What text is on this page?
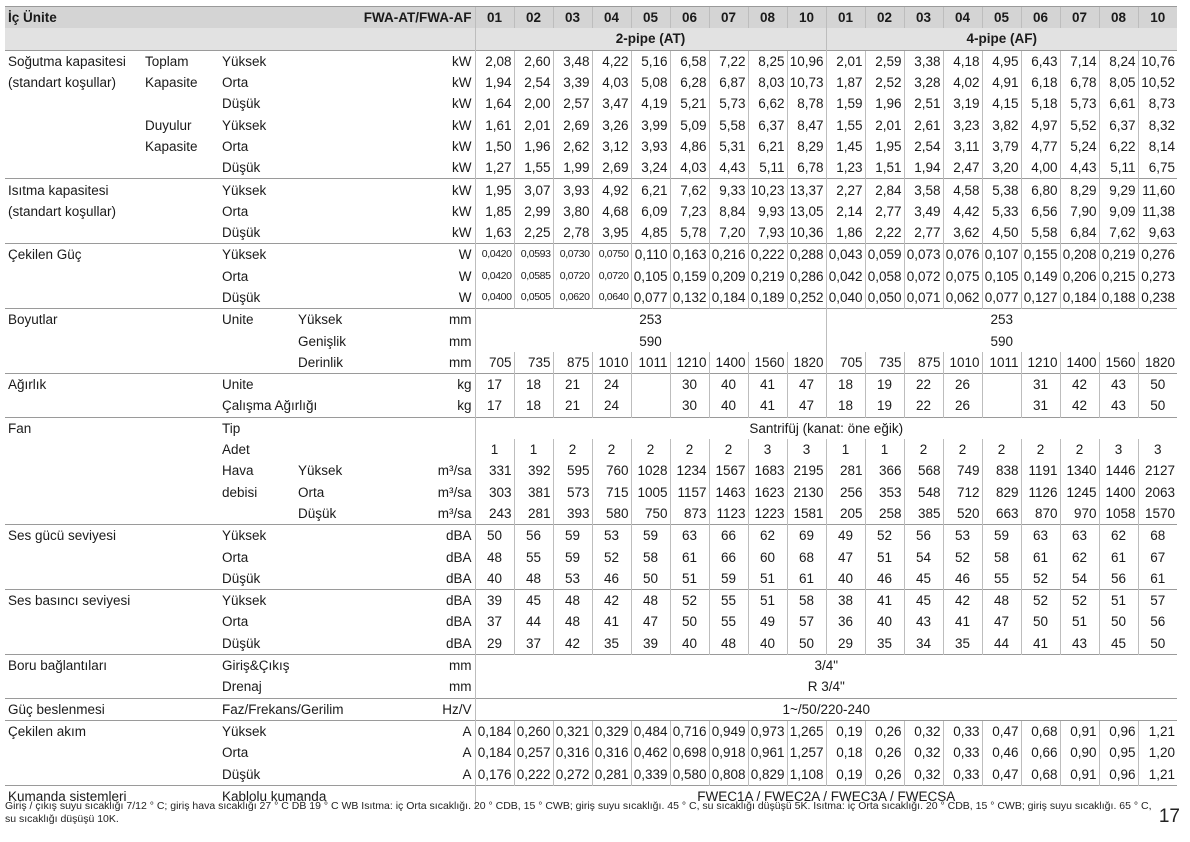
İç Ünite			FWA-AT/FWA-AF		01	02	03	04	05	06	07	08	10	01	02	03	04	05	06	07	08	10
					2-pipe (AT)									4-pipe (AF)								
Soğutma kapasitesi	Toplam	Yüksek		kW	2,08	2,60	3,48	4,22	5,16	6,58	7,22	8,25	10,96	2,01	2,59	3,38	4,18	4,95	6,43	7,14	8,24	10,76
(standart koşullar)	Kapasite	Orta		kW	1,94	2,54	3,39	4,03	5,08	6,28	6,87	8,03	10,73	1,87	2,52	3,28	4,02	4,91	6,18	6,78	8,05	10,52
		Düşük		kW	1,64	2,00	2,57	3,47	4,19	5,21	5,73	6,62	8,78	1,59	1,96	2,51	3,19	4,15	5,18	5,73	6,61	8,73
	Duyulur	Yüksek		kW	1,61	2,01	2,69	3,26	3,99	5,09	5,58	6,37	8,47	1,55	2,01	2,61	3,23	3,82	4,97	5,52	6,37	8,32
	Kapasite	Orta		kW	1,50	1,96	2,62	3,12	3,93	4,86	5,31	6,21	8,29	1,45	1,95	2,54	3,11	3,79	4,77	5,24	6,22	8,14
		Düşük		kW	1,27	1,55	1,99	2,69	3,24	4,03	4,43	5,11	6,78	1,23	1,51	1,94	2,47	3,20	4,00	4,43	5,11	6,75
Isıtma kapasitesi		Yüksek		kW	1,95	3,07	3,93	4,92	6,21	7,62	9,33	10,23	13,37	2,27	2,84	3,58	4,58	5,38	6,80	8,29	9,29	11,60
(standart koşullar)		Orta		kW	1,85	2,99	3,80	4,68	6,09	7,23	8,84	9,93	13,05	2,14	2,77	3,49	4,42	5,33	6,56	7,90	9,09	11,38
		Düşük		kW	1,63	2,25	2,78	3,95	4,85	5,78	7,20	7,93	10,36	1,86	2,22	2,77	3,62	4,50	5,58	6,84	7,62	9,63
Çekilen Güç		Yüksek		W	0,0420	0,0593	0,0730	0,0750	0,110	0,163	0,216	0,222	0,288	0,043	0,059	0,073	0,076	0,107	0,155	0,208	0,219	0,276
		Orta		W	0,0420	0,0585	0,0720	0,0720	0,105	0,159	0,209	0,219	0,286	0,042	0,058	0,072	0,075	0,105	0,149	0,206	0,215	0,273
		Düşük		W	0,0400	0,0505	0,0620	0,0640	0,077	0,132	0,184	0,189	0,252	0,040	0,050	0,071	0,062	0,077	0,127	0,184	0,188	0,238
Boyutlar		Unite	Yüksek	mm	253									253								
			Genişlik	mm	590									590								
			Derinlik	mm	705	735	875	1010	1011	1210	1400	1560	1820	705	735	875	1010	1011	1210	1400	1560	1820
Ağırlık		Unite		kg	17	18	21	24		30	40	41	47	18	19	22	26		31	42	43	50
		Çalışma Ağırlığı		kg	17	18	21	24		30	40	41	47	18	19	22	26		31	42	43	50
Fan		Tip			Santrifüj (kanat: öne eğik)																	
		Adet			1	1	2	2	2	2	2	3	3	1	1	2	2	2	2	2	3	3
		Hava	Yüksek	m³/sa	331	392	595	760	1028	1234	1567	1683	2195	281	366	568	749	838	1191	1340	1446	2127
		debisi	Orta	m³/sa	303	381	573	715	1005	1157	1463	1623	2130	256	353	548	712	829	1126	1245	1400	2063
			Düşük	m³/sa	243	281	393	580	750	873	1123	1223	1581	205	258	385	520	663	870	970	1058	1570
Ses gücü seviyesi		Yüksek		dBA	50	56	59	53	59	63	66	62	69	49	52	56	53	59	63	63	62	68
		Orta		dBA	48	55	59	52	58	61	66	60	68	47	51	54	52	58	61	62	61	67
		Düşük		dBA	40	48	53	46	50	51	59	51	61	40	46	45	46	55	52	54	56	61
Ses basıncı seviyesi		Yüksek		dBA	39	45	48	42	48	52	55	51	58	38	41	45	42	48	52	52	51	57
		Orta		dBA	37	44	48	41	47	50	55	49	57	36	40	43	41	47	50	51	50	56
		Düşük		dBA	29	37	42	35	39	40	48	40	50	29	35	34	35	44	41	43	45	50
Boru bağlantıları		Giriş&Çıkış		mm	3/4"																	
		Drenaj		mm	R 3/4"																	
Güç beslenmesi		Faz/Frekans/Gerilim		Hz/V	1~/50/220-240																	
Çekilen akım		Yüksek		A	0,184	0,260	0,321	0,329	0,484	0,716	0,949	0,973	1,265	0,19	0,26	0,32	0,33	0,47	0,68	0,91	0,96	1,21
		Orta		A	0,184	0,257	0,316	0,316	0,462	0,698	0,918	0,961	1,257	0,18	0,26	0,32	0,33	0,46	0,66	0,90	0,95	1,20
		Düşük		A	0,176	0,222	0,272	0,281	0,339	0,580	0,808	0,829	1,108	0,19	0,26	0,32	0,33	0,47	0,68	0,91	0,96	1,21
Kumanda sistemleri		Kablolu kumanda			FWEC1A / FWEC2A / FWEC3A / FWECSA																	
Giriş / çıkış suyu sıcaklığı 7/12 ° C; giriş hava sıcaklığı 27 ° C DB 19 ° C WB Isıtma: iç Orta sıcaklığı. 20 ° CDB, 15 ° CWB; giriş suyu sıcaklığı. 45 ° C, su sıcaklığı düşüşü 5K. Isıtma: iç Orta sıcaklığı. 20 ° CDB, 15 ° CWB; giriş suyu sıcaklığı. 65 ° C, su sıcaklığı düşüşü 10K.	17
